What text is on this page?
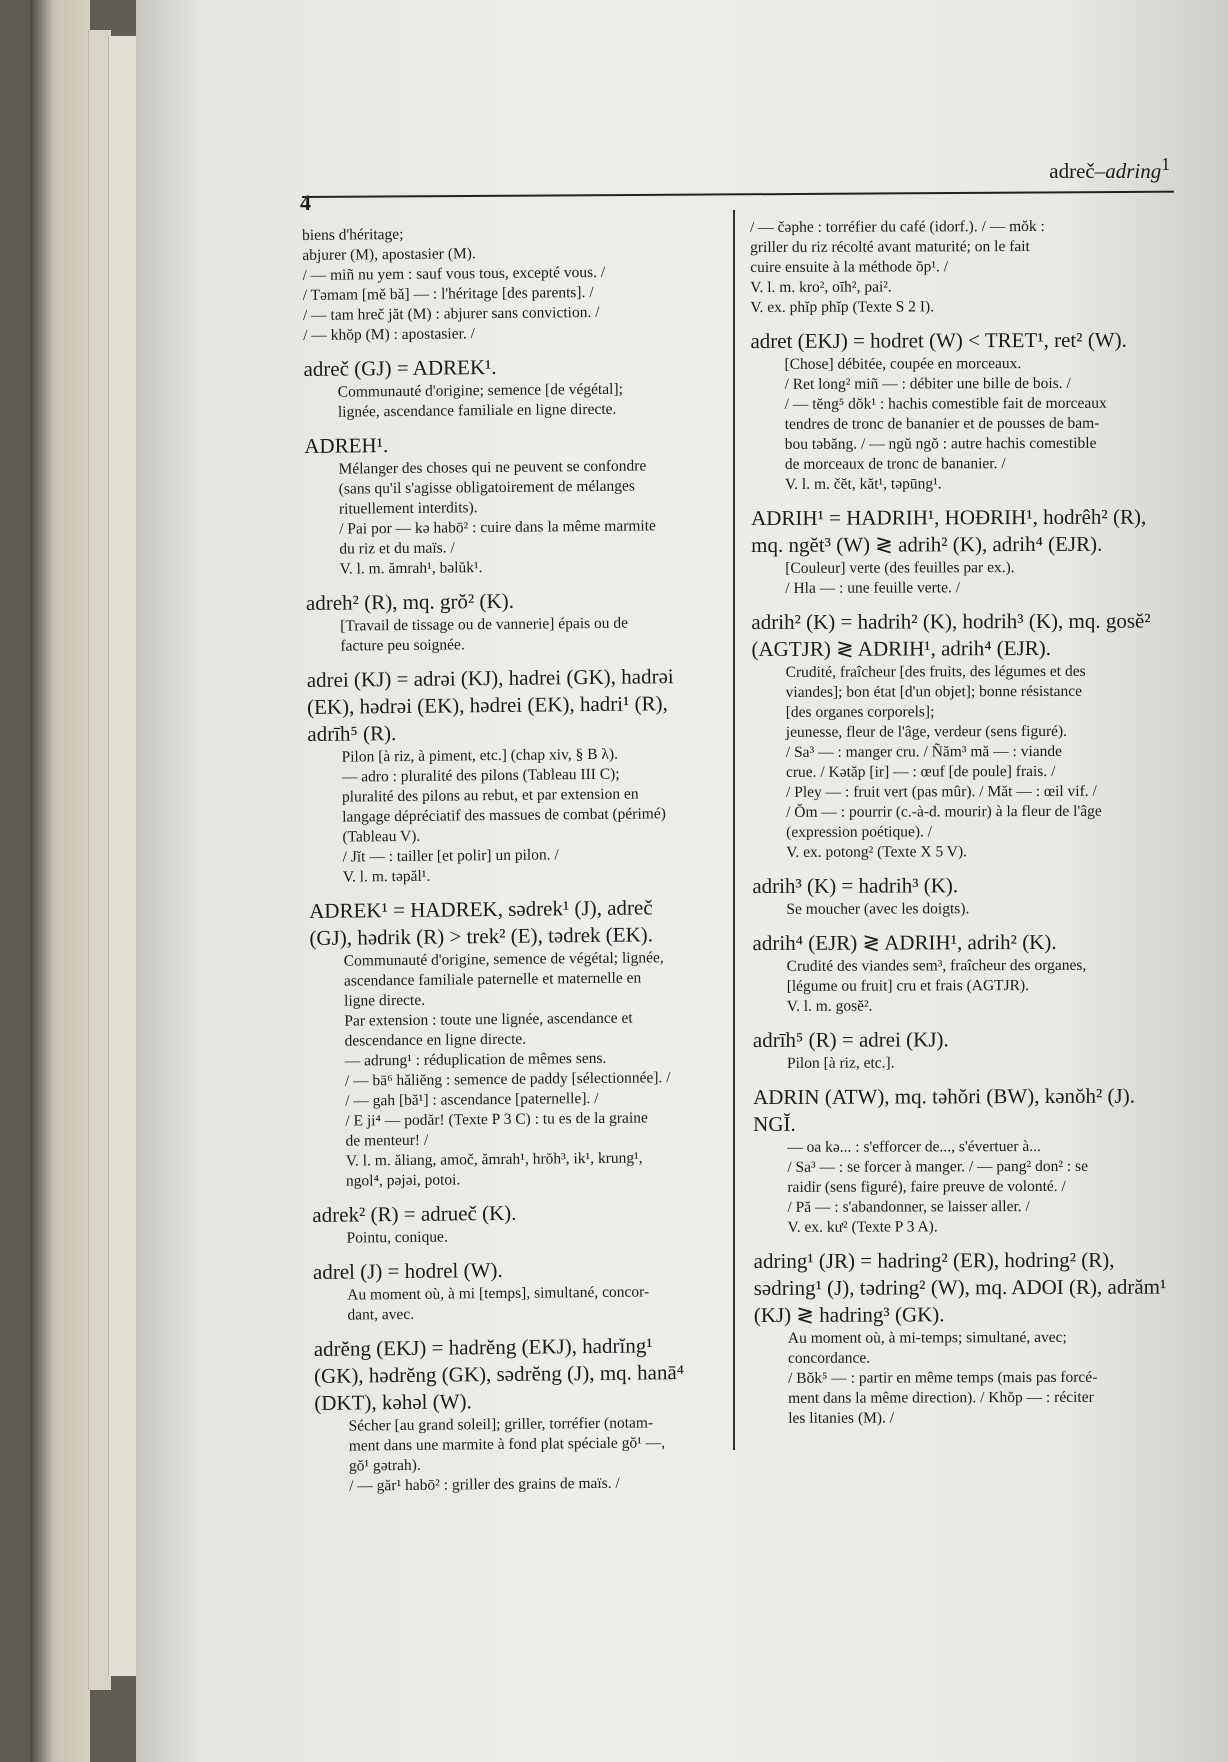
adreč–adring$^1$
4
biens d'héritage;
abjurer (M), apostasier (M).
/ — miñ nu yem : sauf vous tous, excepté vous. /
/ Təmam [mě bǎ] — : l'héritage [des parents]. /
/ — tam hreč jăt (M) : abjurer sans conviction. /
/ — khŏp (M) : apostasier. /
adreč (GJ) = ADREK¹.
Communauté d'origine; semence [de végétal];
lignée, ascendance familiale en ligne directe.
ADREH¹.
Mélanger des choses qui ne peuvent se confondre
(sans qu'il s'agisse obligatoirement de mélanges
rituellement interdits).
/ Pai por — kə habō² : cuire dans la même marmite
du riz et du maïs. /
V. l. m. ămrah¹, bəlŭk¹.
adreh² (R), mq. grŏ² (K).
[Travail de tissage ou de vannerie] épais ou de
facture peu soignée.
adrei (KJ) = adrəi (KJ), hadrei (GK), hadrəi (EK), hədrəi (EK), hədrei (EK), hadri¹ (R), adrīh⁵ (R).
Pilon [à riz, à piment, etc.] (chap xiv, § B λ).
— adro : pluralité des pilons (Tableau III C);
pluralité des pilons au rebut, et par extension en
langage dépréciatif des massues de combat (périmé)
(Tableau V).
/ Jĭt — : tailler [et polir] un pilon. /
V. l. m. təpăl¹.
ADREK¹ = HADREK, sədrek¹ (J), adreč (GJ), hədrik (R) > trek² (E), tədrek (EK).
Communauté d'origine, semence de végétal; lignée,
ascendance familiale paternelle et maternelle en
ligne directe.
Par extension : toute une lignée, ascendance et
descendance en ligne directe.
— adrung¹ : réduplication de mêmes sens.
/ — bā⁶ hăliĕng : semence de paddy [sélectionnée]. /
/ — gah [bă¹] : ascendance [paternelle]. /
/ E ji⁴ — podăr! (Texte P 3 C) : tu es de la graine
de menteur! /
V. l. m. ăliang, amoč, ămrah¹, hrŏh³, ik¹, krung¹,
ngol⁴, pəjəi, potoi.
adrek² (R) = adrueč (K).
Pointu, conique.
adrel (J) = hodrel (W).
Au moment où, à mi [temps], simultané, concor-
dant, avec.
adrĕng (EKJ) = hadrĕng (EKJ), hadrĭng¹ (GK), hədrĕng (GK), sədrĕng (J), mq. hanā⁴ (DKT), kəhəl (W).
Sécher [au grand soleil]; griller, torréfier (notam-
ment dans une marmite à fond plat spéciale gŏ¹ —,
gŏ¹ gətrah).
/ — găr¹ habō² : griller des grains de maïs. /
/ — čəphe : torréfier du café (idorf.). / — mŏk :
griller du riz récolté avant maturité; on le fait
cuire ensuite à la méthode ŏp¹. /
V. l. m. kro², oīh², pai².
V. ex. phĭp phĭp (Texte S 2 I).
adret (EKJ) = hodret (W) < TRET¹, ret² (W).
[Chose] débitée, coupée en morceaux.
/ Ret long² miñ — : débiter une bille de bois. /
/ — tĕng⁵ dŏk¹ : hachis comestible fait de morceaux
tendres de tronc de bananier et de pousses de bam-
bou təbăng. / — ngŭ ngŏ : autre hachis comestible
de morceaux de tronc de bananier. /
V. l. m. čĕt, kăt¹, təpūng¹.
ADRIH¹ = HADRIH¹, HOĐRIH¹, hodrêh² (R), mq. ngĕt³ (W) ≷ adrih² (K), adrih⁴ (EJR).
[Couleur] verte (des feuilles par ex.).
/ Hla — : une feuille verte. /
adrih² (K) = hadrih² (K), hodrih³ (K), mq. gosĕ² (AGTJR) ≷ ADRIH¹, adrih⁴ (EJR).
Crudité, fraîcheur [des fruits, des légumes et des
viandes]; bon état [d'un objet]; bonne résistance
[des organes corporels];
jeunesse, fleur de l'âge, verdeur (sens figuré).
/ Sa³ — : manger cru. / Ñăm³ mă — : viande
crue. / Kətăp [ir] — : œuf [de poule] frais. /
/ Pley — : fruit vert (pas mûr). / Măt — : œil vif. /
/ Ŏm — : pourrir (c.-à-d. mourir) à la fleur de l'âge
(expression poétique). /
V. ex. potong² (Texte X 5 V).
adrih³ (K) = hadrih³ (K).
Se moucher (avec les doigts).
adrih⁴ (EJR) ≷ ADRIH¹, adrih² (K).
Crudité des viandes sem³, fraîcheur des organes,
[légume ou fruit] cru et frais (AGTJR).
V. l. m. gosĕ².
adrīh⁵ (R) = adrei (KJ).
Pilon [à riz, etc.].
ADRIN (ATW), mq. təhŏri (BW), kənŏh² (J). NGĬ.
— oa kə... : s'efforcer de..., s'évertuer à...
/ Sa³ — : se forcer à manger. / — pang² don² : se
raidir (sens figuré), faire preuve de volonté. /
/ Pă — : s'abandonner, se laisser aller. /
V. ex. kư² (Texte P 3 A).
adring¹ (JR) = hadring² (ER), hodring² (R), sədring¹ (J), tədring² (W), mq. ADOI (R), adrăm¹ (KJ) ≷ hadring³ (GK).
Au moment où, à mi-temps; simultané, avec;
concordance.
/ Bŏk⁵ — : partir en même temps (mais pas forcé-
ment dans la même direction). / Khŏp — : réciter
les litanies (M). /
